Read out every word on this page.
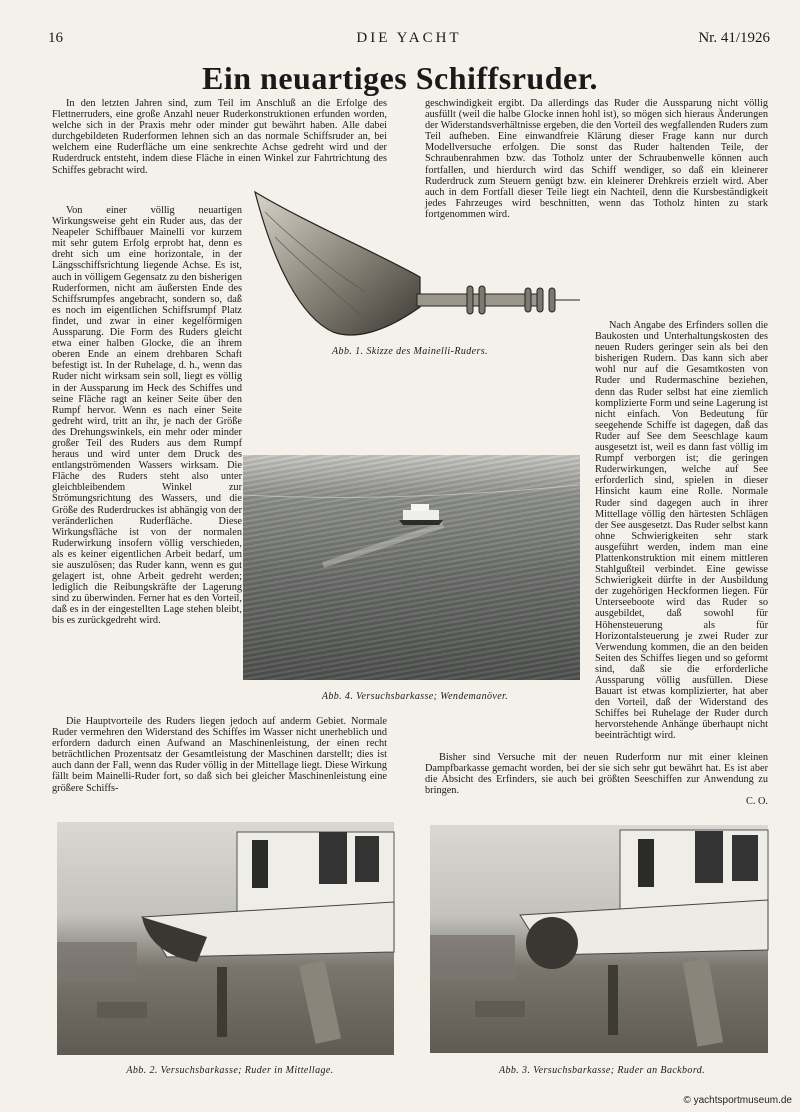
16	DIE YACHT	Nr. 41/1926
Ein neuartiges Schiffsruder.
Abb. 1. Skizze des Mainelli-Ruders.

In den letzten Jahren sind, zum Teil im Anschluß an die Erfolge des Flettnerruders, eine große Anzahl neuer Ruderkonstruktionen erfunden worden, welche sich in der Praxis mehr oder minder gut bewährt haben. Alle dabei durchgebildeten Ruderformen lehnen sich an das normale Schiffsruder an, bei welchem eine Ruderfläche um eine senkrechte Achse gedreht wird und der Ruderdruck entsteht, indem diese Fläche in einen Winkel zur Fahrtrichtung des Schiffes gebracht wird.

Von einer völlig neuartigen Wirkungsweise geht ein Ruder aus, das der Neapeler Schiffbauer Mainelli vor kurzem mit sehr gutem Erfolg erprobt hat, denn es dreht sich um eine horizontale, in der Längsschiffsrichtung liegende Achse. Es ist, auch in völligem Gegensatz zu den bisherigen Ruderformen, nicht am äußersten Ende des Schiffsrumpfes angebracht, sondern so, daß es noch im eigentlichen Schiffsrumpf Platz findet, und zwar in einer kegelförmigen Aussparung. Die Form des Ruders gleicht etwa einer halben Glocke, die an ihrem oberen Ende an einem drehbaren Schaft befestigt ist. In der Ruhelage, d. h., wenn das Ruder nicht wirksam sein soll, liegt es völlig in der Aussparung im Heck des Schiffes und seine Fläche ragt an keiner Seite über den Rumpf hervor. Wenn es nach einer Seite gedreht wird, tritt an ihr, je nach der Größe des Drehungswinkels, ein mehr oder minder großer Teil des Ruders aus dem Rumpf heraus und wird unter dem Druck des entlangströmenden Wassers wirksam. Die Fläche des Ruders steht also unter gleichbleibendem Winkel zur Strömungsrichtung des Wassers, und die Größe des Ruderdruckes ist abhängig von der veränderlichen Ruderfläche. Diese Wirkungsfläche ist von der normalen Ruderwirkung insofern völlig verschieden, als es keiner eigentlichen Arbeit bedarf, um sie auszulösen; das Ruder kann, wenn es gut gelagert ist, ohne Arbeit gedreht werden; lediglich die Reibungskräfte der Lagerung sind zu überwinden. Ferner hat es den Vorteil, daß es in der eingestellten Lage stehen bleibt, bis es zurückgedreht wird.

Abb. 4. Versuchsbarkasse; Wendemanöver.

Die Hauptvorteile des Ruders liegen jedoch auf anderm Gebiet. Normale Ruder vermehren den Widerstand des Schiffes im Wasser nicht unerheblich und erfordern dadurch einen Aufwand an Maschinenleistung, der einen recht beträchtlichen Prozentsatz der Gesamtleistung der Maschinen darstellt; dies ist auch dann der Fall, wenn das Ruder völlig in der Mittellage liegt. Diese Wirkung fällt beim Mainelli-Ruder fort, so daß sich bei gleicher Maschinenleistung eine größere Schiffs-

geschwindigkeit ergibt. Da allerdings das Ruder die Aussparung nicht völlig ausfüllt (weil die halbe Glocke innen hohl ist), so mögen sich hieraus Änderungen der Widerstandsverhältnisse ergeben, die den Vorteil des wegfallenden Ruders zum Teil aufheben. Eine einwandfreie Klärung dieser Frage kann nur durch Modellversuche erfolgen. Die sonst das Ruder haltenden Teile, der Schraubenrahmen bzw. das Totholz unter der Schraubenwelle können auch fortfallen, und hierdurch wird das Schiff wendiger, so daß ein kleinerer Ruderdruck zum Steuern genügt bzw. ein kleinerer Drehkreis erzielt wird. Aber auch in dem Fortfall dieser Teile liegt ein Nachteil, denn die Kursbeständigkeit jedes Fahrzeuges wird beschnitten, wenn das Totholz hinten zu stark fortgenommen wird.

Nach Angabe des Erfinders sollen die Baukosten und Unterhaltungskosten des neuen Ruders geringer sein als bei den bisherigen Rudern. Das kann sich aber wohl nur auf die Gesamtkosten von Ruder und Rudermaschine beziehen, denn das Ruder selbst hat eine ziemlich komplizierte Form und seine Lagerung ist nicht einfach. Von Bedeutung für seegehende Schiffe ist dagegen, daß das Ruder auf See dem Seeschlage kaum ausgesetzt ist, weil es dann fast völlig im Rumpf verborgen ist; die geringen Ruderwirkungen, welche auf See erforderlich sind, spielen in dieser Hinsicht kaum eine Rolle. Normale Ruder sind dagegen auch in ihrer Mittellage völlig den härtesten Schlägen der See ausgesetzt. Das Ruder selbst kann ohne Schwierigkeiten sehr stark ausgeführt werden, indem man eine Plattenkonstruktion mit einem mittleren Stahlgußteil verbindet. Eine gewisse Schwierigkeit dürfte in der Ausbildung der zugehörigen Heckformen liegen. Für Unterseeboote wird das Ruder so ausgebildet, daß sowohl für Höhensteuerung als für Horizontalsteuerung je zwei Ruder zur Verwendung kommen, die an den beiden Seiten des Schiffes liegen und so geformt sind, daß sie die erforderliche Aussparung völlig ausfüllen. Diese Bauart ist etwas komplizierter, hat aber den Vorteil, daß der Widerstand des Schiffes bei Ruhelage der Ruder durch hervorstehende Anhänge überhaupt nicht beeinträchtigt wird.

Bisher sind Versuche mit der neuen Ruderform nur mit einer kleinen Dampfbarkasse gemacht worden, bei der sie sich sehr gut bewährt hat. Es ist aber die Absicht des Erfinders, sie auch bei größten Seeschiffen zur Anwendung zu bringen.

C. O.
Abb. 2. Versuchsbarkasse; Ruder in Mittellage.	Abb. 3. Versuchsbarkasse; Ruder an Backbord.
© yachtsportmuseum.de
